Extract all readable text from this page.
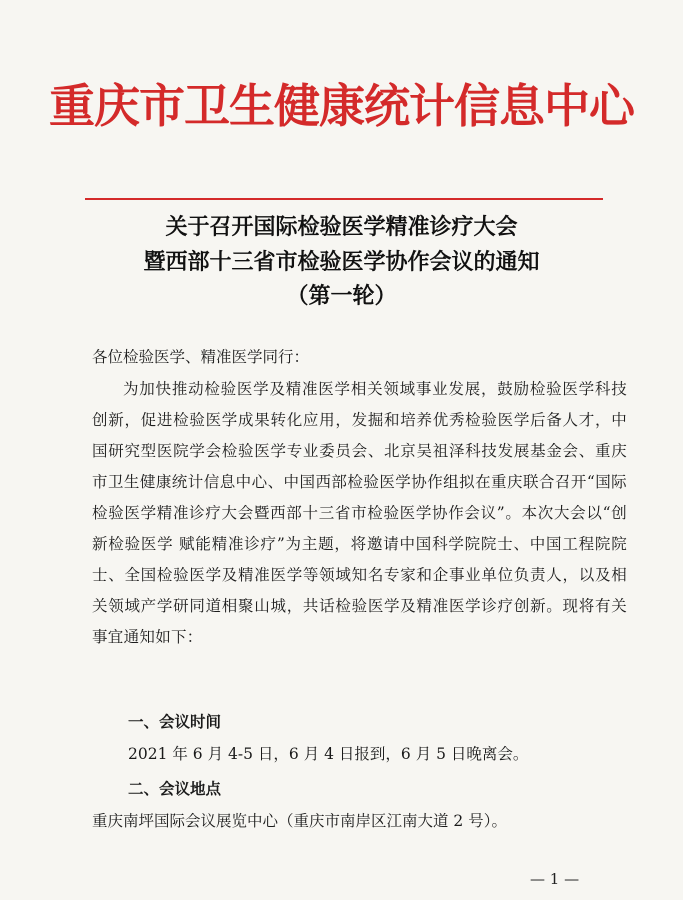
重庆市卫生健康统计信息中心
关于召开国际检验医学精准诊疗大会
暨西部十三省市检验医学协作会议的通知
（第一轮）
各位检验医学、精准医学同行：
为加快推动检验医学及精准医学相关领域事业发展，鼓励检验医学科技创新，促进检验医学成果转化应用，发掘和培养优秀检验医学后备人才，中国研究型医院学会检验医学专业委员会、北京吴祖泽科技发展基金会、重庆市卫生健康统计信息中心、中国西部检验医学协作组拟在重庆联合召开“国际检验医学精准诊疗大会暨西部十三省市检验医学协作会议”。本次大会以“创新检验医学 赋能精准诊疗”为主题，将邀请中国科学院院士、中国工程院院士、全国检验医学及精准医学等领域知名专家和企事业单位负责人，以及相关领域产学研同道相聚山城，共话检验医学及精准医学诊疗创新。现将有关事宜通知如下：
一、会议时间
2021 年 6 月 4-5 日，6 月 4 日报到，6 月 5 日晚离会。
二、会议地点
重庆南坪国际会议展览中心（重庆市南岸区江南大道 2 号）。
— 1 —
